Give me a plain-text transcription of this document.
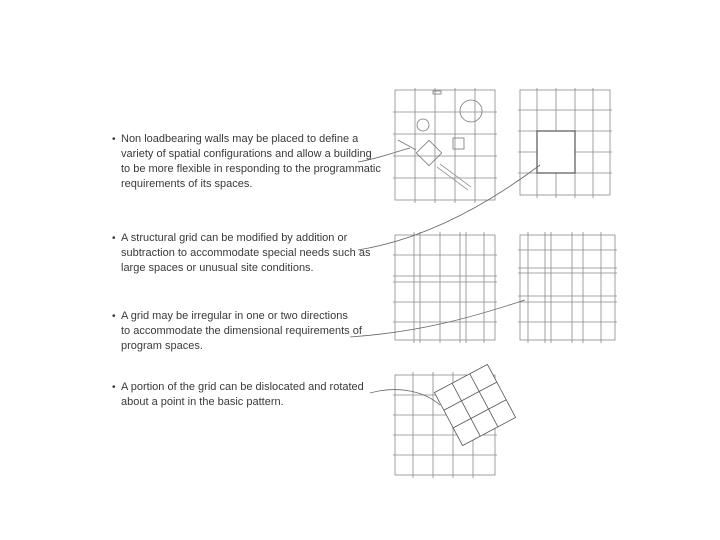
• Non loadbearing walls may be placed to define a
variety of spatial configurations and allow a building
to be more flexible in responding to the programmatic
requirements of its spaces.
• A structural grid can be modified by addition or
subtraction to accommodate special needs such as
large spaces or unusual site conditions.
• A grid may be irregular in one or two directions
to accommodate the dimensional requirements of
program spaces.
• A portion of the grid can be dislocated and rotated
about a point in the basic pattern.
